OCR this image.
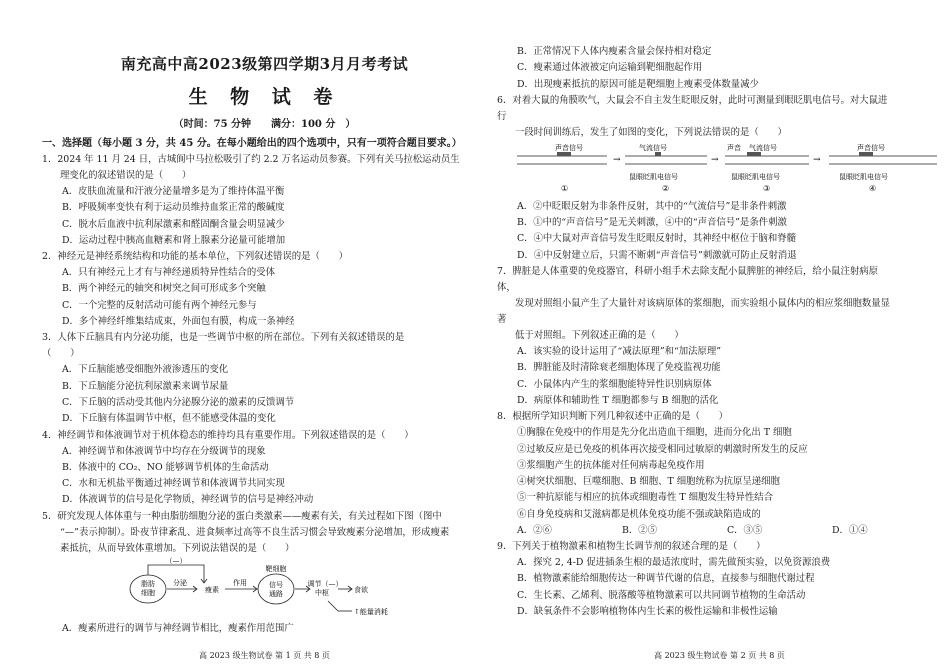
南充高中高2023级第四学期3月月考考试
生 物 试 卷
（时间：75 分钟　　满分：100 分　）
一、选择题（每小题 3 分，共 45 分。在每小题给出的四个选项中，只有一项符合题目要求。）
1．2024 年 11 月 24 日，古城阆中马拉松吸引了约 2.2 万名运动员参赛。下列有关马拉松运动员生
理变化的叙述错误的是（　　）
A．皮肤血流量和汗液分泌量增多是为了维持体温平衡
B．呼吸频率变快有利于运动员维持血浆正常的酸碱度
C．脱水后血液中抗利尿激素和醛固酮含量会明显减少
D．运动过程中胰高血糖素和肾上腺素分泌量可能增加
2．神经元是神经系统结构和功能的基本单位，下列叙述错误的是（　　）
A．只有神经元上才有与神经递质特异性结合的受体
B．两个神经元的轴突和树突之间可形成多个突触
C．一个完整的反射活动可能有两个神经元参与
D．多个神经纤维集结成束，外面包有膜，构成一条神经
3．人体下丘脑具有内分泌功能，也是一些调节中枢的所在部位。下列有关叙述错误的是
（　　）
A．下丘脑能感受细胞外液渗透压的变化
B．下丘脑能分泌抗利尿激素来调节尿量
C．下丘脑的活动受其他内分泌腺分泌的激素的反馈调节
D．下丘脑有体温调节中枢，但不能感受体温的变化
4．神经调节和体液调节对于机体稳态的维持均具有重要作用。下列叙述错误的是（　　）
A．神经调节和体液调节中均存在分级调节的现象
B．体液中的 CO₂、NO 能够调节机体的生命活动
C．水和无机盐平衡通过神经调节和体液调节共同实现
D．体液调节的信号是化学物质，神经调节的信号是神经冲动
5．研究发现人体体重与一种由脂肪细胞分泌的蛋白类激素——瘦素有关，有关过程如下图（图中
“—”表示抑制）。卧夜节律紊乱、进食频率过高等不良生活习惯会导致瘦素分泌增加，形成瘦素
素抵抗，从而导致体重增加。下列说法错误的是（　　）
脂肪
细胞
分泌
瘦素
作用
靶细胞
信号
通路
（—）
调节（—）
中枢	食欲
↑能量消耗
A．瘦素所进行的调节与神经调节相比，瘦素作用范围广
高 2023 级生物试卷 第 1 页 共 8 页
B．正常情况下人体内瘦素含量会保持相对稳定
C．瘦素通过体液被定向运输到靶细胞起作用
D．出现瘦素抵抗的原因可能是靶细胞上瘦素受体数量减少
6．对着大鼠的角膜吹气，大鼠会不自主发生眨眼反射，此时可测量到眼眨肌电信号。对大鼠进
行
一段时间训练后，发生了如图的变化，下列说法错误的是（　　）
声音信号
①
→
气流信号
鼠眼眨肌电信号
②
→
声音 气流信号
鼠眼眨肌电信号
③
→
声音信号
鼠眼眨肌电信号
④
A．②中眨眼反射为非条件反射，其中的“气流信号”是非条件刺激
B．①中的“声音信号”是无关刺激，④中的“声音信号”是条件刺激
C．④中大鼠对声音信号发生眨眼反射时，其神经中枢位于脑和脊髓
D．④中反射建立后，只需不断刺“声音信号”刺激就可防止反射消退
7．脾脏是人体重要的免疫器官，科研小组手术去除支配小鼠脾脏的神经后，给小鼠注射病原
体，
发现对照组小鼠产生了大量针对该病原体的浆细胞，而实验组小鼠体内的相应浆细胞数量显
著
低于对照组。下列叙述正确的是（　　）
A．该实验的设计运用了“减法原理”和“加法原理”
B．脾脏能及时清除衰老细胞体现了免疫监视功能
C．小鼠体内产生的浆细胞能特异性识别病原体
D．病原体和辅助性 T 细胞都参与 B 细胞的活化
8．根据所学知识判断下列几种叙述中正确的是（　　）
①胸腺在免疫中的作用是先分化出造血干细胞，进而分化出 T 细胞
②过敏反应是已免疫的机体再次接受相同过敏原的刺激时所发生的反应
③浆细胞产生的抗体能对任何病毒起免疫作用
④树突状细胞、巨噬细胞、B 细胞、T 细胞统称为抗原呈递细胞
⑤一种抗原能与相应的抗体或细胞毒性 T 细胞发生特异性结合
⑥自身免疫病和艾滋病都是机体免疫功能不强或缺陷造成的
A．②⑥	B．②⑤	C．③⑤	D．①④
9．下列关于植物激素和植物生长调节剂的叙述合理的是（　　）
A．探究 2, 4-D 促进插条生根的最适浓度时，需先做预实验，以免资源浪费
B．植物激素能给细胞传达一种调节代谢的信息，直接参与细胞代谢过程
C．生长素、乙烯利、脱落酸等植物激素可以共同调节植物的生命活动
D．缺氧条件不会影响植物体内生长素的极性运输和非极性运输
高 2023 级生物试卷 第 2 页 共 8 页
